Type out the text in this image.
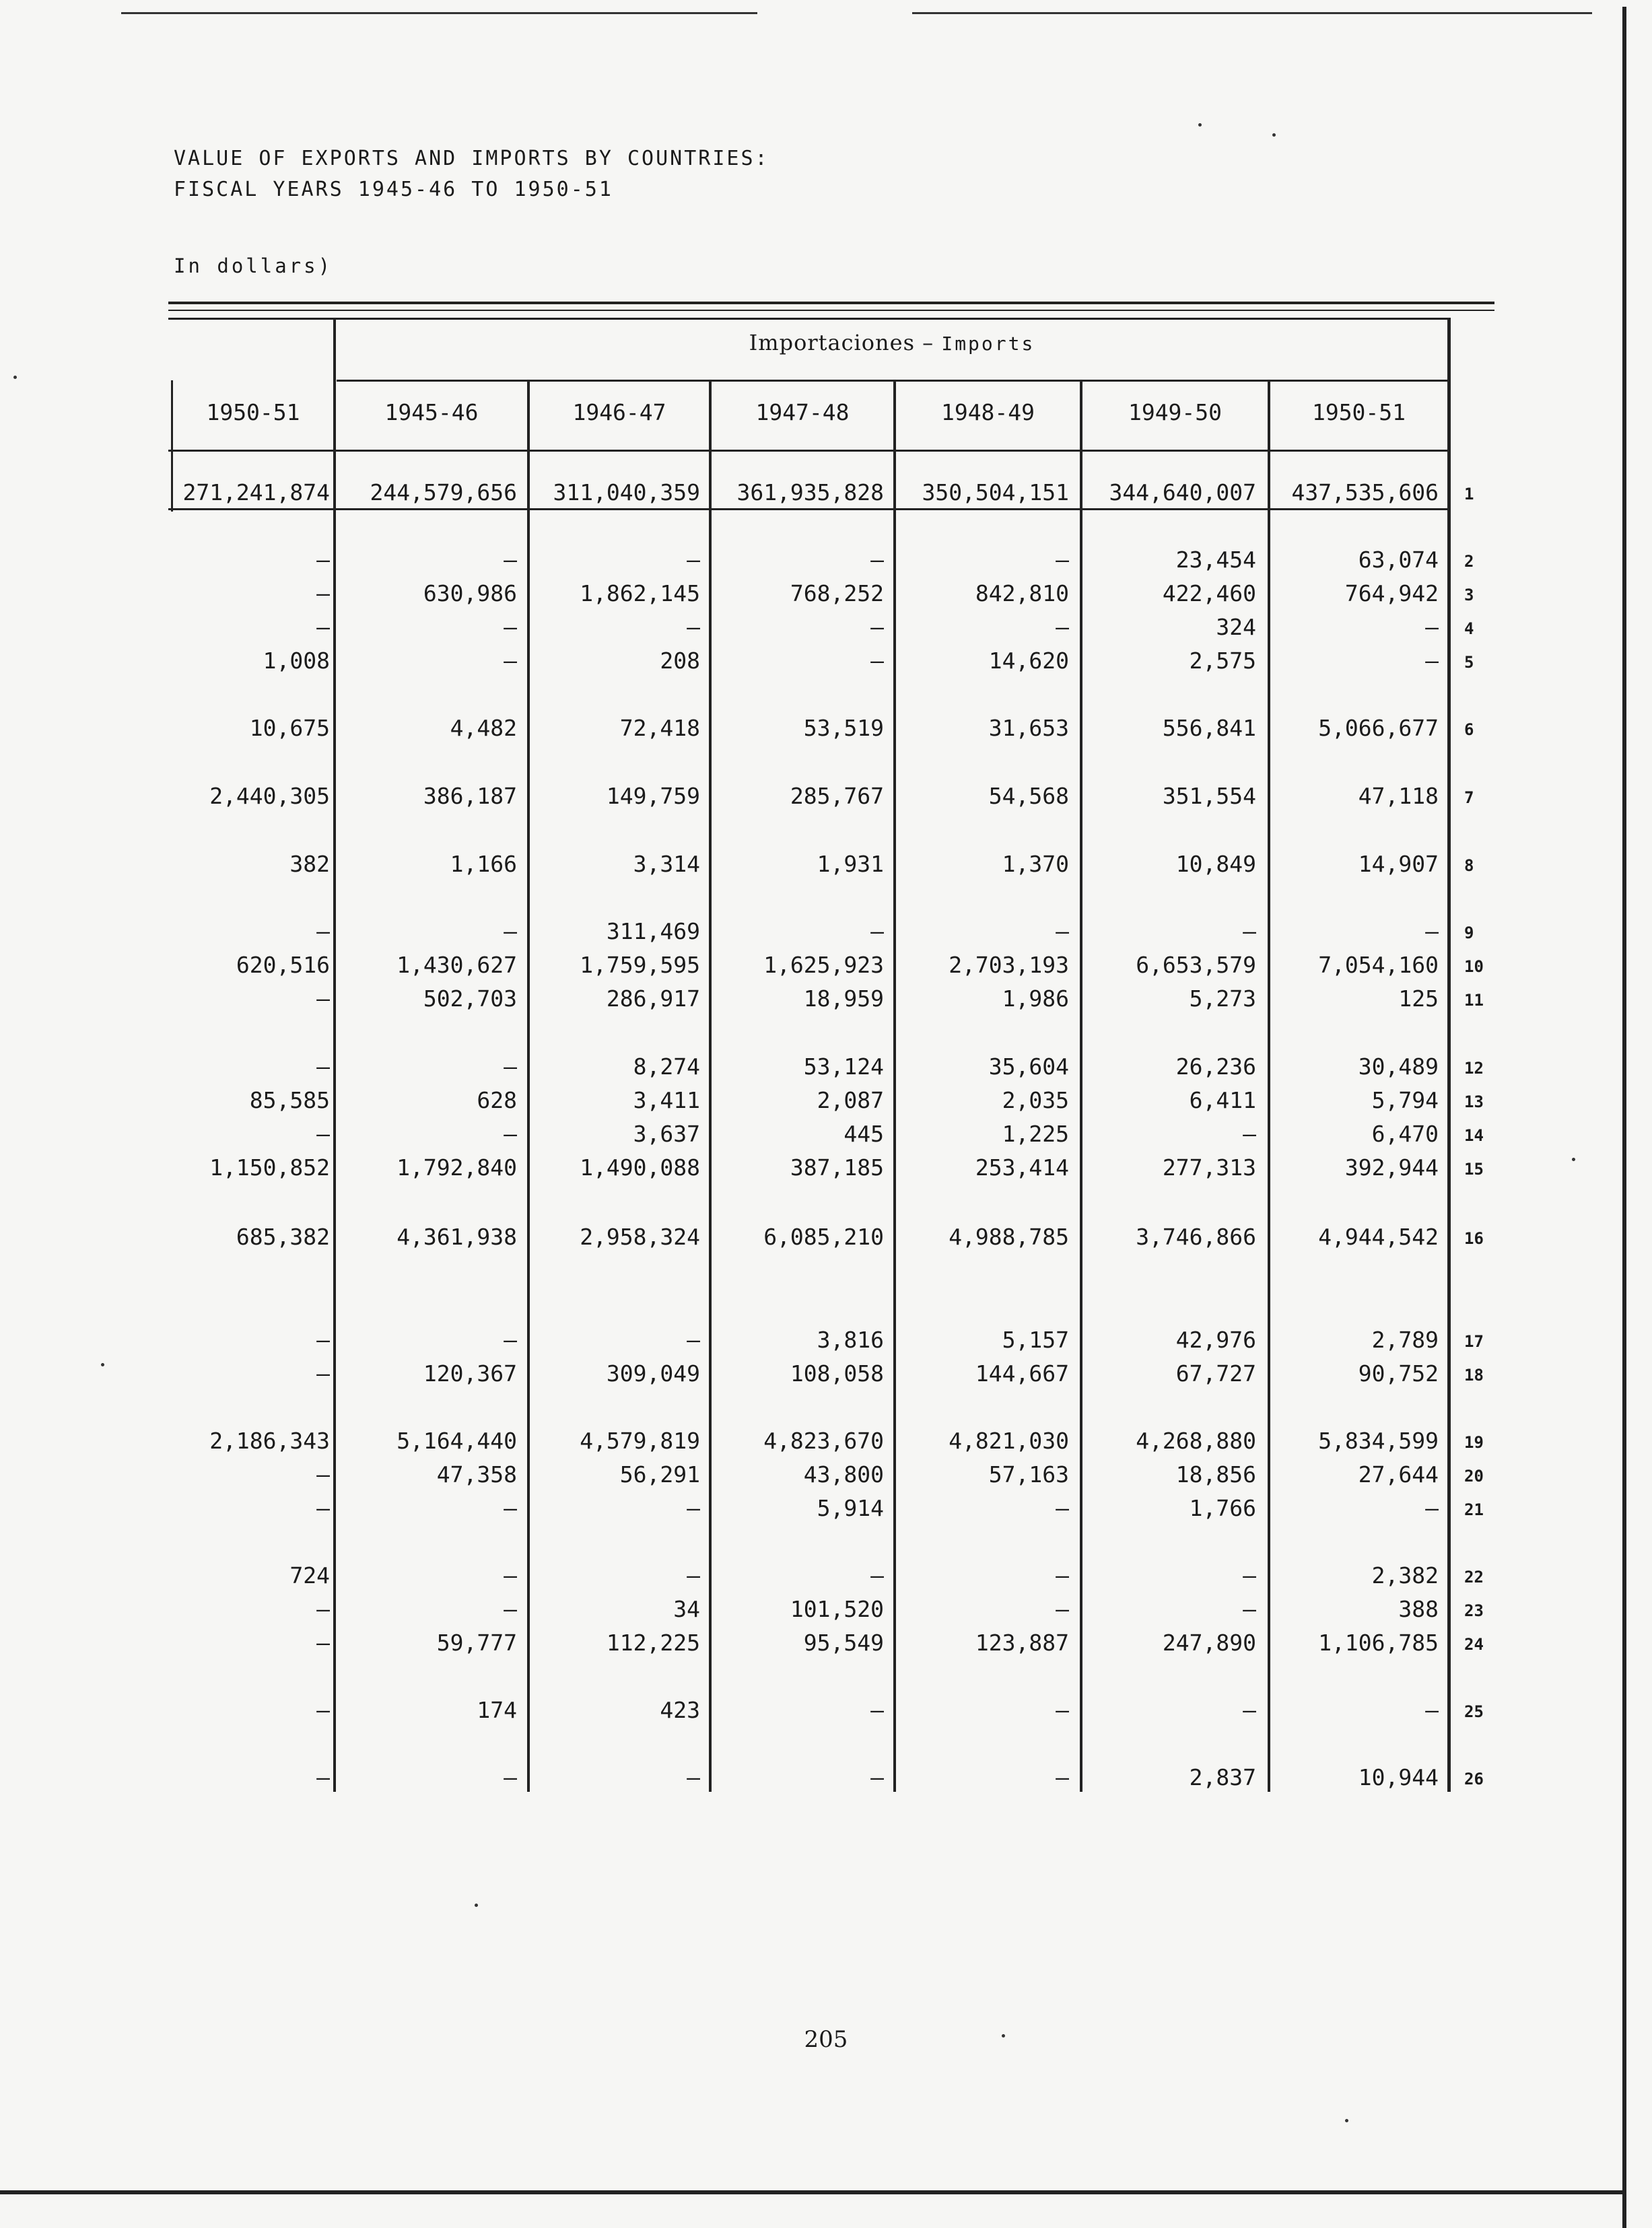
VALUE OF EXPORTS AND IMPORTS BY COUNTRIES:
FISCAL YEARS 1945-46 TO 1950-51
In dollars)
Importaciones – Imports
1950-51	1945-46	1946-47	1947-48	1948-49	1949-50	1950-51
271,241,874	244,579,656	311,040,359	361,935,828	350,504,151	344,640,007	437,535,606 1
—	—	—	—	—	23,454	63,074 2
—	630,986	1,862,145	768,252	842,810	422,460	764,942 3
—	—	—	—	—	324	— 4
1,008	—	208	—	14,620	2,575	— 5
10,675	4,482	72,418	53,519	31,653	556,841	5,066,677 6
2,440,305	386,187	149,759	285,767	54,568	351,554	47,118 7
382	1,166	3,314	1,931	1,370	10,849	14,907 8
—	—	311,469	—	—	—	— 9
620,516	1,430,627	1,759,595	1,625,923	2,703,193	6,653,579	7,054,160 10
—	502,703	286,917	18,959	1,986	5,273	125 11
—	—	8,274	53,124	35,604	26,236	30,489 12
85,585	628	3,411	2,087	2,035	6,411	5,794 13
—	—	3,637	445	1,225	—	6,470 14
1,150,852	1,792,840	1,490,088	387,185	253,414	277,313	392,944 15
685,382	4,361,938	2,958,324	6,085,210	4,988,785	3,746,866	4,944,542 16
—	—	—	3,816	5,157	42,976	2,789 17
—	120,367	309,049	108,058	144,667	67,727	90,752 18
2,186,343	5,164,440	4,579,819	4,823,670	4,821,030	4,268,880	5,834,599 19
—	47,358	56,291	43,800	57,163	18,856	27,644 20
—	—	—	5,914	—	1,766	— 21
724	—	—	—	—	—	2,382 22
—	—	34	101,520	—	—	388 23
—	59,777	112,225	95,549	123,887	247,890	1,106,785 24
—	174	423	—	—	—	— 25
—	—	—	—	—	2,837	10,944 26
205
